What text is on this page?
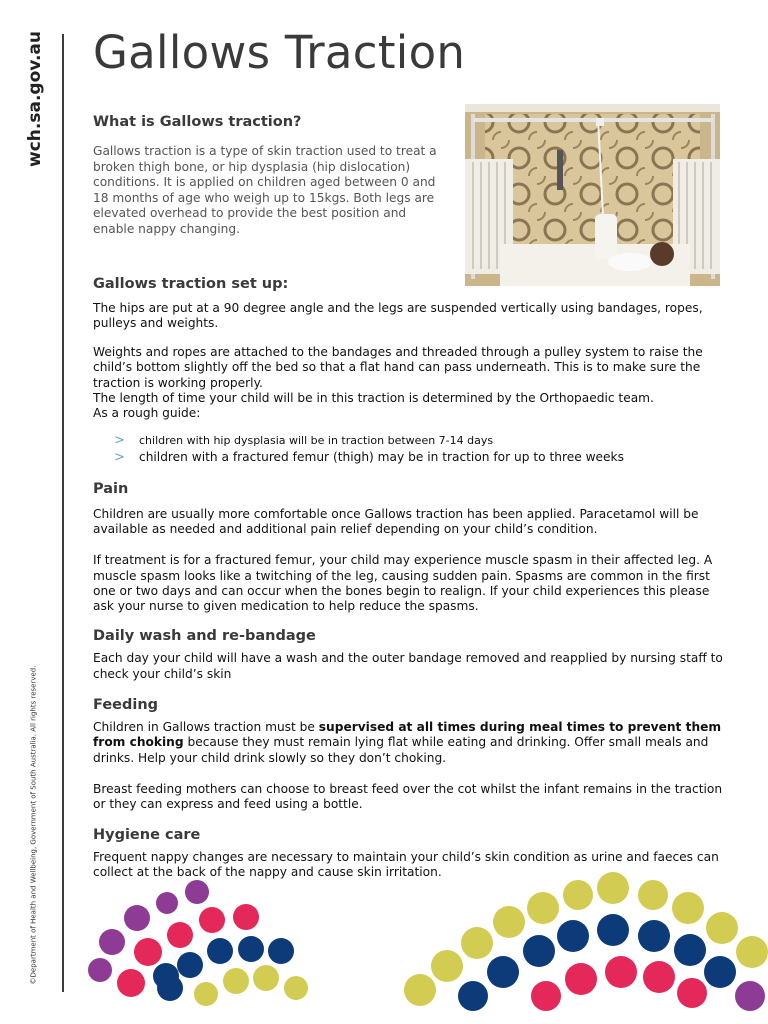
wch.sa.gov.au
©Department of Health and Wellbeing, Government of South Australia. All rights reserved.
Gallows Traction
What is Gallows traction?

Gallows traction is a type of skin traction used to treat a broken thigh bone, or hip dysplasia (hip dislocation) conditions. It is applied on children aged between 0 and 18 months of age who weigh up to 15kgs. Both legs are elevated overhead to provide the best position and enable nappy changing.

Gallows traction set up:

The hips are put at a 90 degree angle and the legs are suspended vertically using bandages, ropes, pulleys and weights.

Weights and ropes are attached to the bandages and threaded through a pulley system to raise the child’s bottom slightly off the bed so that a flat hand can pass underneath. This is to make sure the traction is working properly.

The length of time your child will be in this traction is determined by the Orthopaedic team.

As a rough guide:

> children with hip dysplasia will be in traction between 7-14 days
> children with a fractured femur (thigh) may be in traction for up to three weeks
Pain

Children are usually more comfortable once Gallows traction has been applied. Paracetamol will be available as needed and additional pain relief depending on your child’s condition.

If treatment is for a fractured femur, your child may experience muscle spasm in their affected leg. A muscle spasm looks like a twitching of the leg, causing sudden pain. Spasms are common in the first one or two days and can occur when the bones begin to realign. If your child experiences this please ask your nurse to given medication to help reduce the spasms.

Daily wash and re-bandage

Each day your child will have a wash and the outer bandage removed and reapplied by nursing staff to check your child’s skin

Feeding

Children in Gallows traction must be supervised at all times during meal times to prevent them from choking because they must remain lying flat while eating and drinking. Offer small meals and drinks. Help your child drink slowly so they don’t choking.

Breast feeding mothers can choose to breast feed over the cot whilst the infant remains in the traction or they can express and feed using a bottle.

Hygiene care

Frequent nappy changes are necessary to maintain your child’s skin condition as urine and faeces can collect at the back of the nappy and cause skin irritation.
